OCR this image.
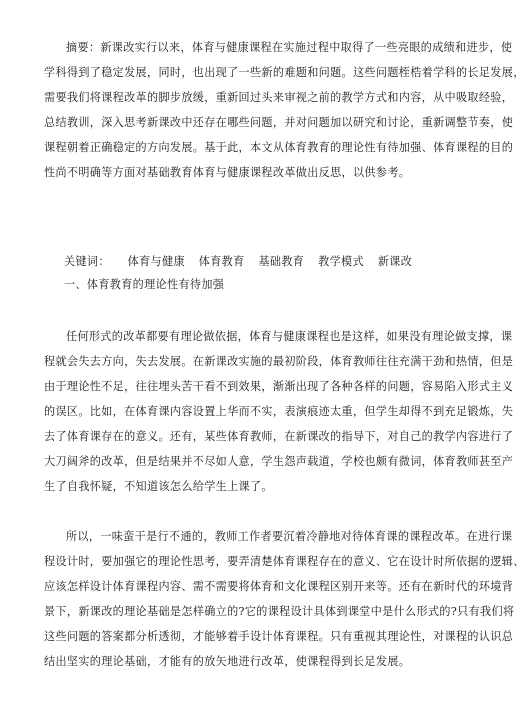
摘要：新课改实行以来，体育与健康课程在实施过程中取得了一些亮眼的成绩和进步，使
学科得到了稳定发展，同时，也出现了一些新的难题和问题。这些问题桎梏着学科的长足发展，
需要我们将课程改革的脚步放缓，重新回过头来审视之前的教学方式和内容，从中吸取经验，
总结教训，深入思考新课改中还存在哪些问题，并对问题加以研究和讨论，重新调整节奏，使
课程朝着正确稳定的方向发展。基于此，本文从体育教育的理论性有待加强、体育课程的目的
性尚不明确等方面对基础教育体育与健康课程改革做出反思，以供参考。
关键词： 体育与健康 体育教育 基础教育 教学模式 新课改
一、体育教育的理论性有待加强
任何形式的改革都要有理论做依据，体育与健康课程也是这样，如果没有理论做支撑，课
程就会失去方向，失去发展。在新课改实施的最初阶段，体育教师往往充满干劲和热情，但是
由于理论性不足，往往埋头苦干看不到效果，渐渐出现了各种各样的问题，容易陷入形式主义
的误区。比如，在体育课内容设置上华而不实，表演痕迹太重，但学生却得不到充足锻炼，失
去了体育课存在的意义。还有，某些体育教师，在新课改的指导下，对自己的教学内容进行了
大刀阔斧的改革，但是结果并不尽如人意，学生怨声载道，学校也颇有微词，体育教师甚至产
生了自我怀疑，不知道该怎么给学生上课了。
所以，一味蛮干是行不通的，教师工作者要沉着冷静地对待体育课的课程改革。在进行课
程设计时，要加强它的理论性思考，要弄清楚体育课程存在的意义、它在设计时所依据的逻辑、
应该怎样设计体育课程内容、需不需要将体育和文化课程区别开来等。还有在新时代的环境背
景下，新课改的理论基础是怎样确立的?它的课程设计具体到课堂中是什么形式的?只有我们将
这些问题的答案都分析透彻，才能够着手设计体育课程。只有重视其理论性，对课程的认识总
结出坚实的理论基础，才能有的放矢地进行改革，使课程得到长足发展。
